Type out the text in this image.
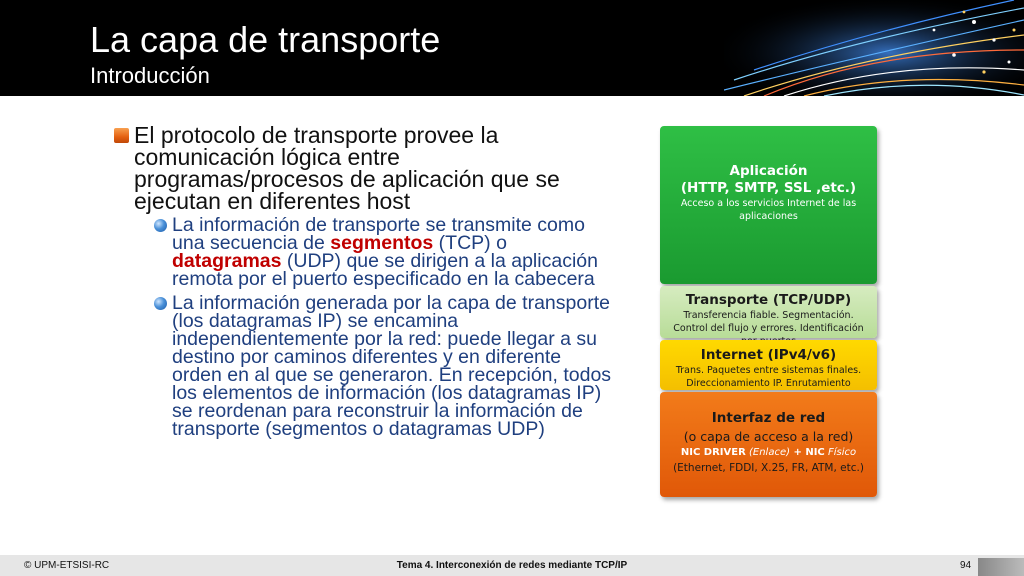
La capa de transporte
Introducción
El protocolo de transporte provee la comunicación lógica entre programas/procesos de aplicación que se ejecutan en diferentes host
La información de transporte se transmite como una secuencia de segmentos (TCP) o datagramas (UDP) que se dirigen a la aplicación remota por el puerto especificado en la cabecera
La información generada por la capa de transporte (los datagramas IP) se encamina independientemente por la red: puede llegar a su destino por caminos diferentes y en diferente orden en al que se generaron. En recepción, todos los elementos de información (los datagramas IP) se reordenan para reconstruir la información de transporte (segmentos o datagramas UDP)
Aplicación
(HTTP, SMTP, SSL ,etc.)
Acceso a los servicios Internet de las aplicaciones
Transporte (TCP/UDP)
Transferencia fiable. Segmentación. Control del flujo y errores. Identificación
Internet (IPv4/v6)
Trans. Paquetes entre sistemas finales.
Direccionamiento IP. Enrutamiento
Interfaz de red
(o capa de acceso a la red)
NIC DRIVER (Enlace) + NIC Físico
(Ethernet, FDDI, X.25, FR, ATM, etc.)
© UPM-ETSISI-RC	Tema 4. Interconexión de redes mediante TCP/IP	94
